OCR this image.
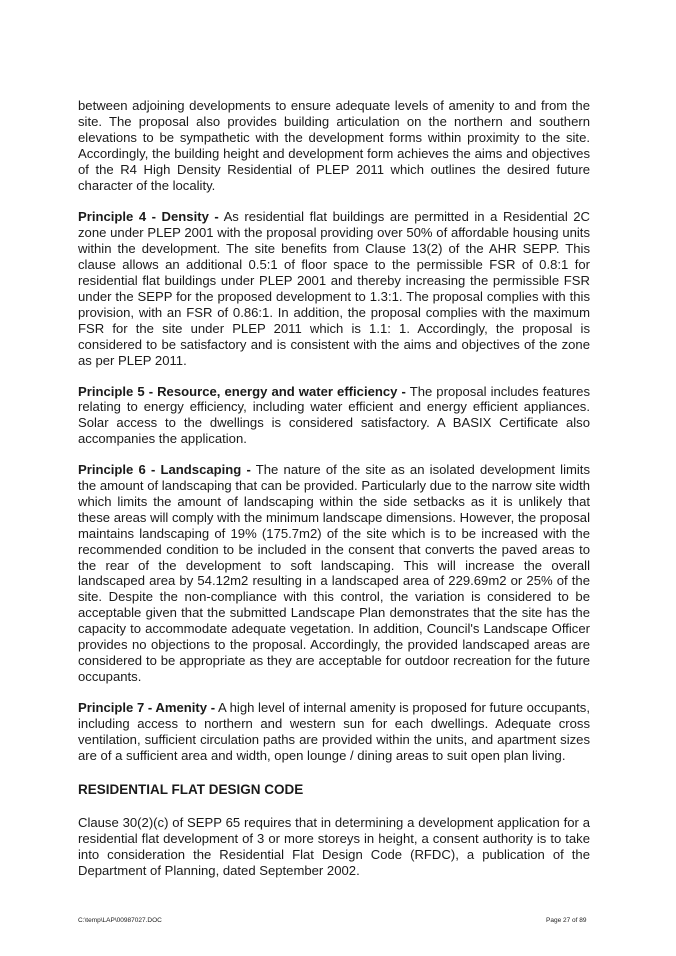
between adjoining developments to ensure adequate levels of amenity to and from the site. The proposal also provides building articulation on the northern and southern elevations to be sympathetic with the development forms within proximity to the site. Accordingly, the building height and development form achieves the aims and objectives of the R4 High Density Residential of PLEP 2011 which outlines the desired future character of the locality.

Principle 4 - Density - As residential flat buildings are permitted in a Residential 2C zone under PLEP 2001 with the proposal providing over 50% of affordable housing units within the development. The site benefits from Clause 13(2) of the AHR SEPP. This clause allows an additional 0.5:1 of floor space to the permissible FSR of 0.8:1 for residential flat buildings under PLEP 2001 and thereby increasing the permissible FSR under the SEPP for the proposed development to 1.3:1. The proposal complies with this provision, with an FSR of 0.86:1. In addition, the proposal complies with the maximum FSR for the site under PLEP 2011 which is 1.1: 1. Accordingly, the proposal is considered to be satisfactory and is consistent with the aims and objectives of the zone as per PLEP 2011.

Principle 5 - Resource, energy and water efficiency - The proposal includes features relating to energy efficiency, including water efficient and energy efficient appliances. Solar access to the dwellings is considered satisfactory. A BASIX Certificate also accompanies the application.

Principle 6 - Landscaping - The nature of the site as an isolated development limits the amount of landscaping that can be provided. Particularly due to the narrow site width which limits the amount of landscaping within the side setbacks as it is unlikely that these areas will comply with the minimum landscape dimensions. However, the proposal maintains landscaping of 19% (175.7m2) of the site which is to be increased with the recommended condition to be included in the consent that converts the paved areas to the rear of the development to soft landscaping. This will increase the overall landscaped area by 54.12m2 resulting in a landscaped area of 229.69m2 or 25% of the site. Despite the non-compliance with this control, the variation is considered to be acceptable given that the submitted Landscape Plan demonstrates that the site has the capacity to accommodate adequate vegetation. In addition, Council's Landscape Officer provides no objections to the proposal. Accordingly, the provided landscaped areas are considered to be appropriate as they are acceptable for outdoor recreation for the future occupants.

Principle 7 - Amenity - A high level of internal amenity is proposed for future occupants, including access to northern and western sun for each dwellings. Adequate cross ventilation, sufficient circulation paths are provided within the units, and apartment sizes are of a sufficient area and width, open lounge / dining areas to suit open plan living.

RESIDENTIAL FLAT DESIGN CODE

Clause 30(2)(c) of SEPP 65 requires that in determining a development application for a residential flat development of 3 or more storeys in height, a consent authority is to take into consideration the Residential Flat Design Code (RFDC), a publication of the Department of Planning, dated September 2002.

C:\temp\LAP\00987027.DOC	Page 27 of 89
